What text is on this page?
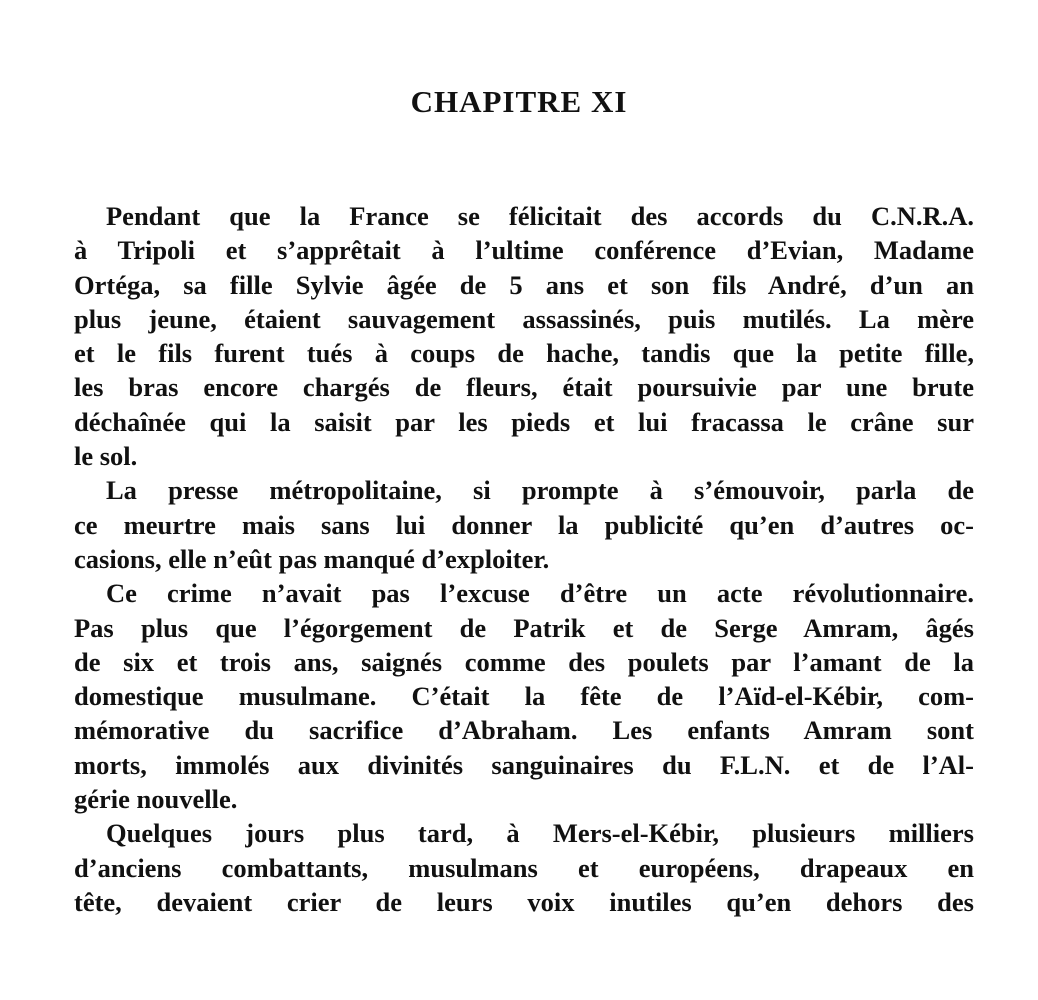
CHAPITRE XI
Pendant que la France se félicitait des accords du C.N.R.A.
à Tripoli et s’apprêtait à l’ultime conférence d’Evian, Madame
Ortéga, sa fille Sylvie âgée de 5 ans et son fils André, d’un an
plus jeune, étaient sauvagement assassinés, puis mutilés. La mère
et le fils furent tués à coups de hache, tandis que la petite fille,
les bras encore chargés de fleurs, était poursuivie par une brute
déchaînée qui la saisit par les pieds et lui fracassa le crâne sur
le sol.
La presse métropolitaine, si prompte à s’émouvoir, parla de
ce meurtre mais sans lui donner la publicité qu’en d’autres oc-
casions, elle n’eût pas manqué d’exploiter.
Ce crime n’avait pas l’excuse d’être un acte révolutionnaire.
Pas plus que l’égorgement de Patrik et de Serge Amram, âgés
de six et trois ans, saignés comme des poulets par l’amant de la
domestique musulmane. C’était la fête de l’Aïd-el-Kébir, com-
mémorative du sacrifice d’Abraham. Les enfants Amram sont
morts, immolés aux divinités sanguinaires du F.L.N. et de l’Al-
gérie nouvelle.
Quelques jours plus tard, à Mers-el-Kébir, plusieurs milliers
d’anciens combattants, musulmans et européens, drapeaux en
tête, devaient crier de leurs voix inutiles qu’en dehors des
